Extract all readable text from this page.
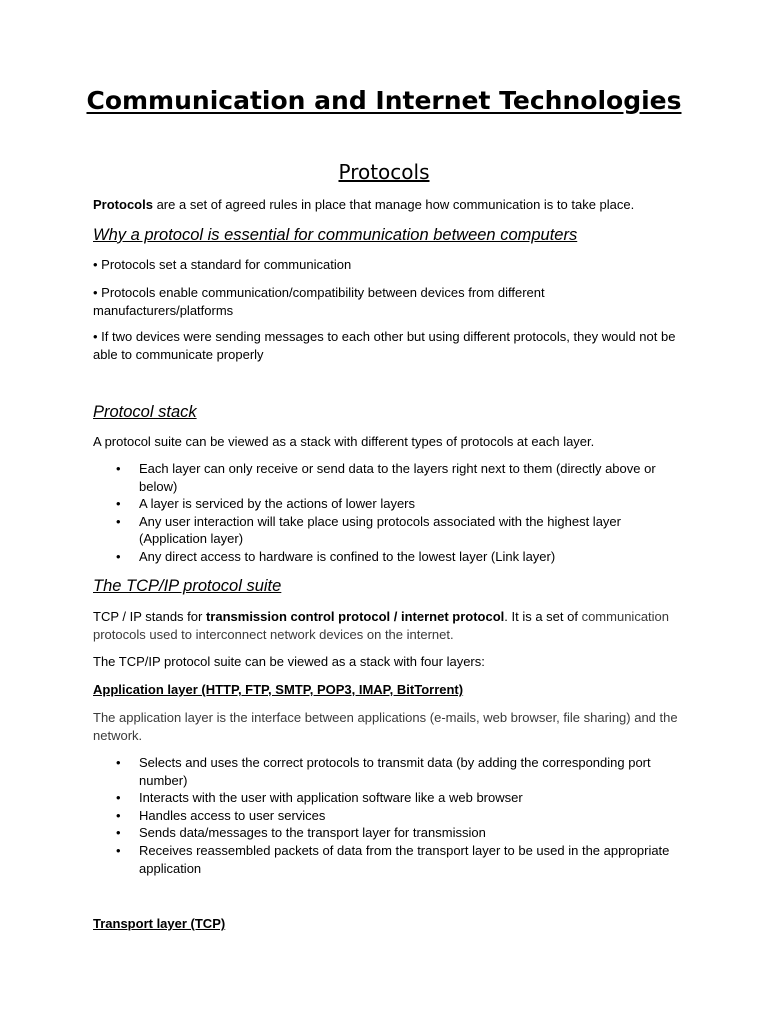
Communication and Internet Technologies
Protocols

Protocols are a set of agreed rules in place that manage how communication is to take place.

Why a protocol is essential for communication between computers

• Protocols set a standard for communication

• Protocols enable communication/compatibility between devices from different manufacturers/platforms

• If two devices were sending messages to each other but using different protocols, they would not be able to communicate properly

Protocol stack

A protocol suite can be viewed as a stack with different types of protocols at each layer.

• Each layer can only receive or send data to the layers right next to them (directly above or below)
• A layer is serviced by the actions of lower layers
• Any user interaction will take place using protocols associated with the highest layer (Application layer)
• Any direct access to hardware is confined to the lowest layer (Link layer)
The TCP/IP protocol suite

TCP / IP stands for transmission control protocol / internet protocol. It is a set of communication protocols used to interconnect network devices on the internet.

The TCP/IP protocol suite can be viewed as a stack with four layers:

Application layer (HTTP, FTP, SMTP, POP3, IMAP, BitTorrent)

The application layer is the interface between applications (e-mails, web browser, file sharing) and the network.

• Selects and uses the correct protocols to transmit data (by adding the corresponding port number)
• Interacts with the user with application software like a web browser
• Handles access to user services
• Sends data/messages to the transport layer for transmission
• Receives reassembled packets of data from the transport layer to be used in the appropriate application
Transport layer (TCP)
